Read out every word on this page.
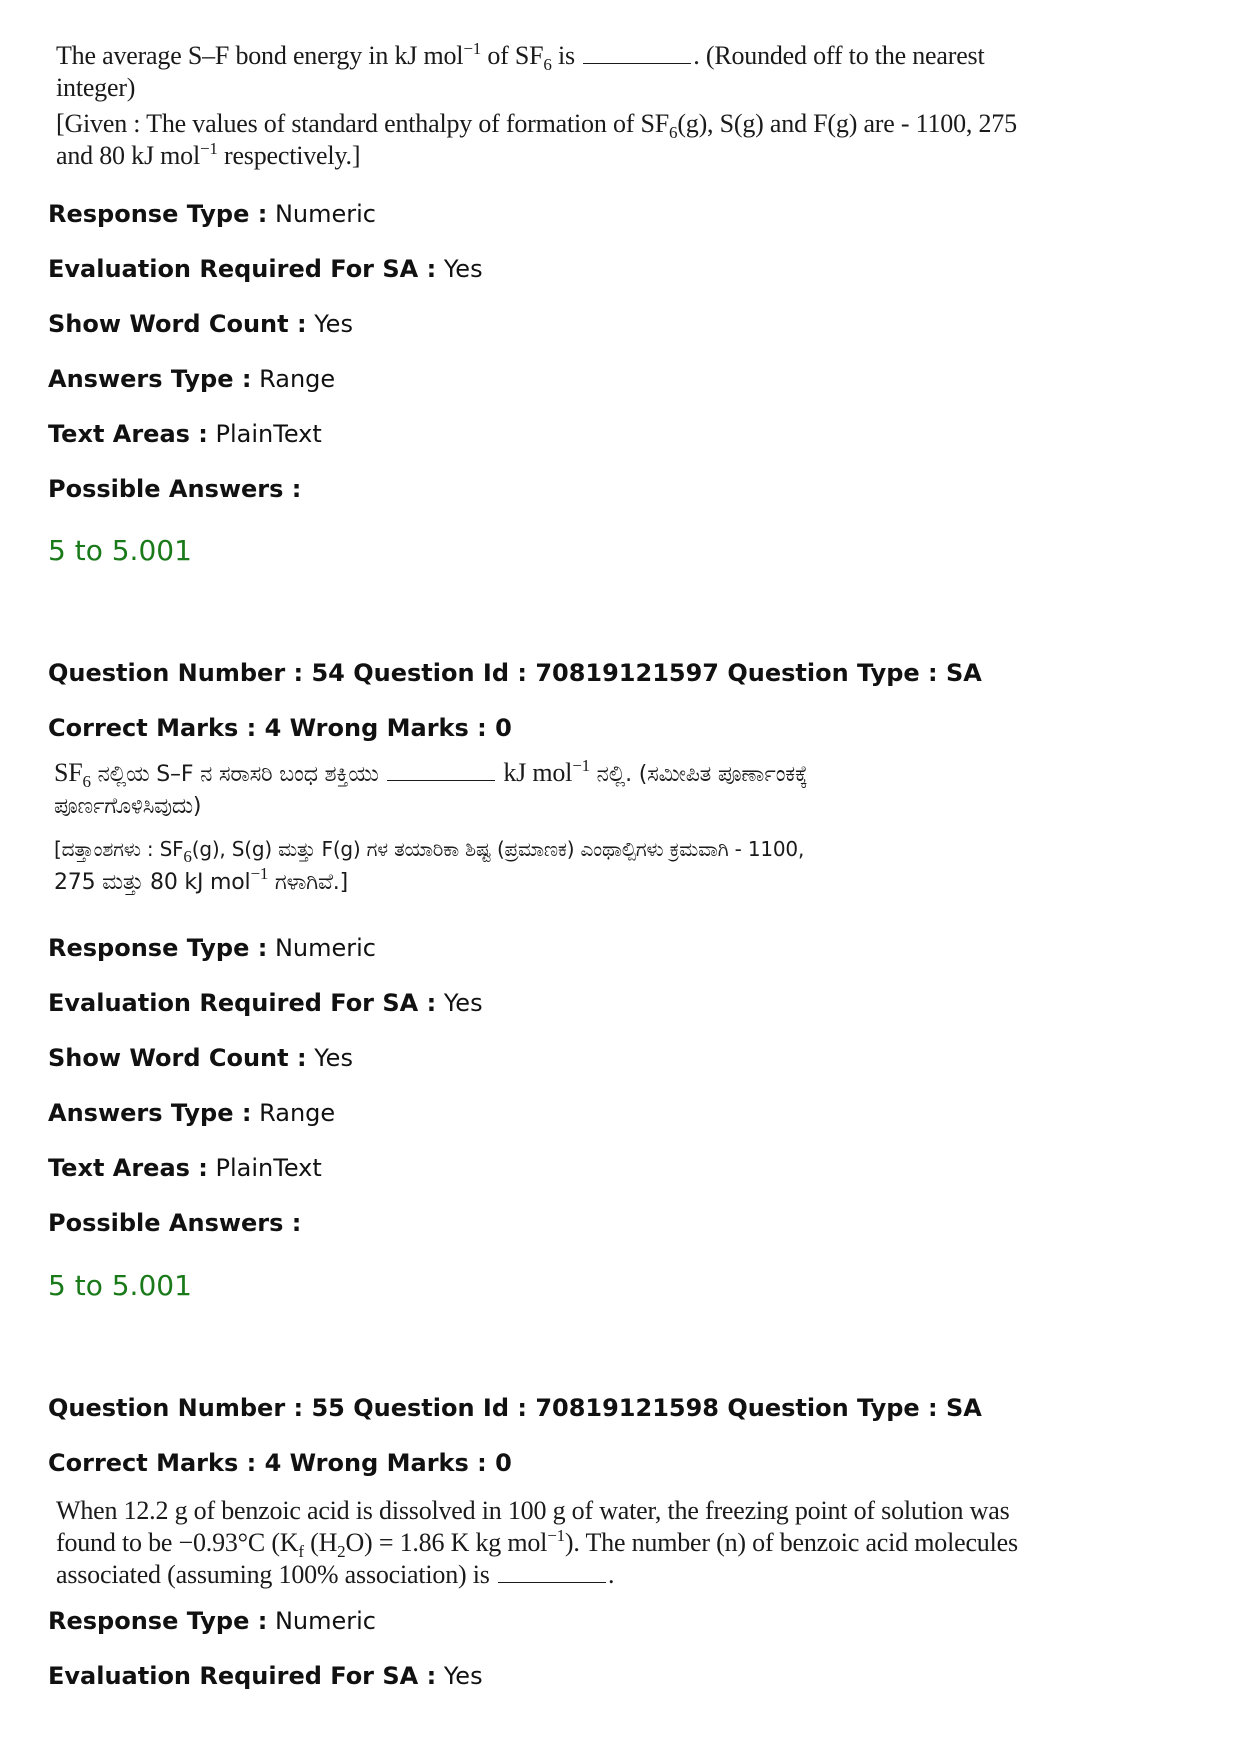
The average S–F bond energy in kJ mol$^{-1}$ of $SF_6$ is	. (Rounded off to the nearest
integer)
[Given : The values of standard enthalpy of formation of $SF_6(g)$, S(g) and F(g) are - 1100, 275
and 80 kJ mol$^{-1}$ respectively.]
Response Type : Numeric
Evaluation Required For SA : Yes
Show Word Count : Yes
Answers Type : Range
Text Areas : PlainText
Possible Answers :
5 to 5.001
Question Number : 54 Question Id : 70819121597 Question Type : SA
Correct Marks : 4 Wrong Marks : 0
$SF_6$ ನಲ್ಲಿಯ S–F ನ ಸರಾಸರಿ ಬಂಧ ಶಕ್ತಿಯು	kJ mol$^{-1}$ ನಲ್ಲಿ. (ಸಮೀಪಿತ ಪೂರ್ಣಾಂಕಕ್ಕೆ
ಪೂರ್ಣಗೊಳಿಸಿವುದು)
[ದತ್ತಾಂಶಗಳು : $SF_6(g)$, S(g) ಮತ್ತು F(g) ಗಳ ತಯಾರಿಕಾ ಶಿಷ್ಟ (ಪ್ರಮಾಣಕ) ಎಂಥಾಲ್ಪಿಗಳು ಕ್ರಮವಾಗಿ - 1100,
275 ಮತ್ತು 80 kJ mol$^{-1}$ ಗಳಾಗಿವೆ.]
Response Type : Numeric
Evaluation Required For SA : Yes
Show Word Count : Yes
Answers Type : Range
Text Areas : PlainText
Possible Answers :
5 to 5.001
Question Number : 55 Question Id : 70819121598 Question Type : SA
Correct Marks : 4 Wrong Marks : 0
When 12.2 g of benzoic acid is dissolved in 100 g of water, the freezing point of solution was
found to be −0.93°C ($K_f$ $(H_2O) = 1.86$ K kg mol$^{-1}$). The number (n) of benzoic acid molecules
associated (assuming 100% association) is	.
Response Type : Numeric
Evaluation Required For SA : Yes
